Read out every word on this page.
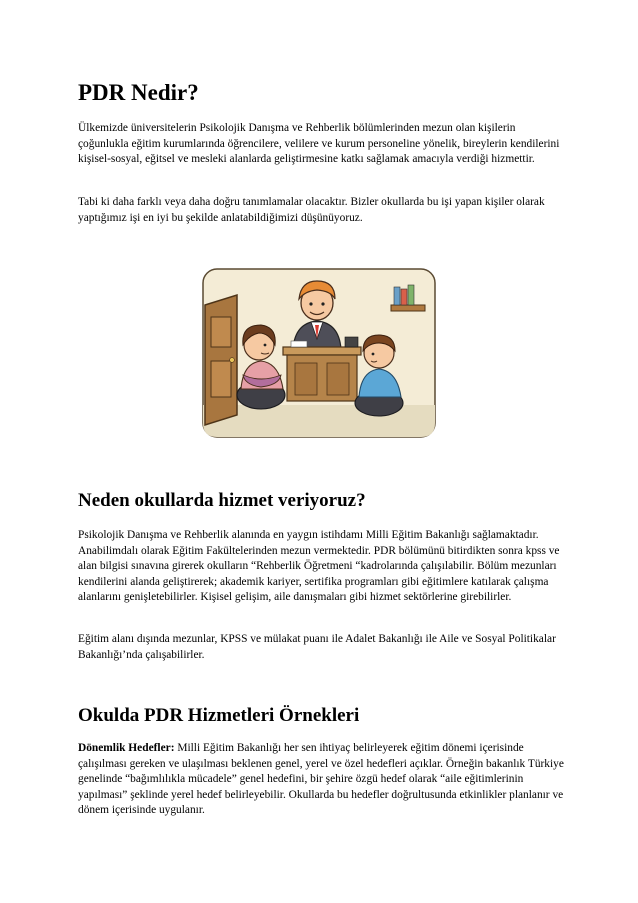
PDR Nedir?

Ülkemizde üniversitelerin Psikolojik Danışma ve Rehberlik bölümlerinden mezun olan kişilerin çoğunlukla eğitim kurumlarında öğrencilere, velilere ve kurum personeline yönelik, bireylerin kendilerini kişisel-sosyal, eğitsel ve mesleki alanlarda geliştirmesine katkı sağlamak amacıyla verdiği hizmettir.

Tabi ki daha farklı veya daha doğru tanımlamalar olacaktır. Bizler okullarda bu işi yapan kişiler olarak yaptığımız işi en iyi bu şekilde anlatabildiğimizi düşünüyoruz.

Neden okullarda hizmet veriyoruz?

Psikolojik Danışma ve Rehberlik alanında en yaygın istihdamı Milli Eğitim Bakanlığı sağlamaktadır. Anabilimdalı olarak Eğitim Fakültelerinden mezun vermektedir. PDR bölümünü bitirdikten sonra kpss ve alan bilgisi sınavına girerek okulların “Rehberlik Öğretmeni “kadrolarında çalışılabilir. Bölüm mezunları kendilerini alanda geliştirerek; akademik kariyer, sertifika programları gibi eğitimlere katılarak çalışma alanlarını genişletebilirler. Kişisel gelişim, aile danışmaları gibi hizmet sektörlerine girebilirler.

Eğitim alanı dışında mezunlar, KPSS ve mülakat puanı ile Adalet Bakanlığı ile Aile ve Sosyal Politikalar Bakanlığı’nda çalışabilirler.

Okulda PDR Hizmetleri Örnekleri

Dönemlik Hedefler: Milli Eğitim Bakanlığı her sen ihtiyaç belirleyerek eğitim dönemi içerisinde çalışılması gereken ve ulaşılması beklenen genel, yerel ve özel hedefleri açıklar. Örneğin bakanlık Türkiye genelinde “bağımlılıkla mücadele” genel hedefini, bir şehire özgü hedef olarak “aile eğitimlerinin yapılması” şeklinde yerel hedef belirleyebilir. Okullarda bu hedefler doğrultusunda etkinlikler planlanır ve dönem içerisinde uygulanır.
